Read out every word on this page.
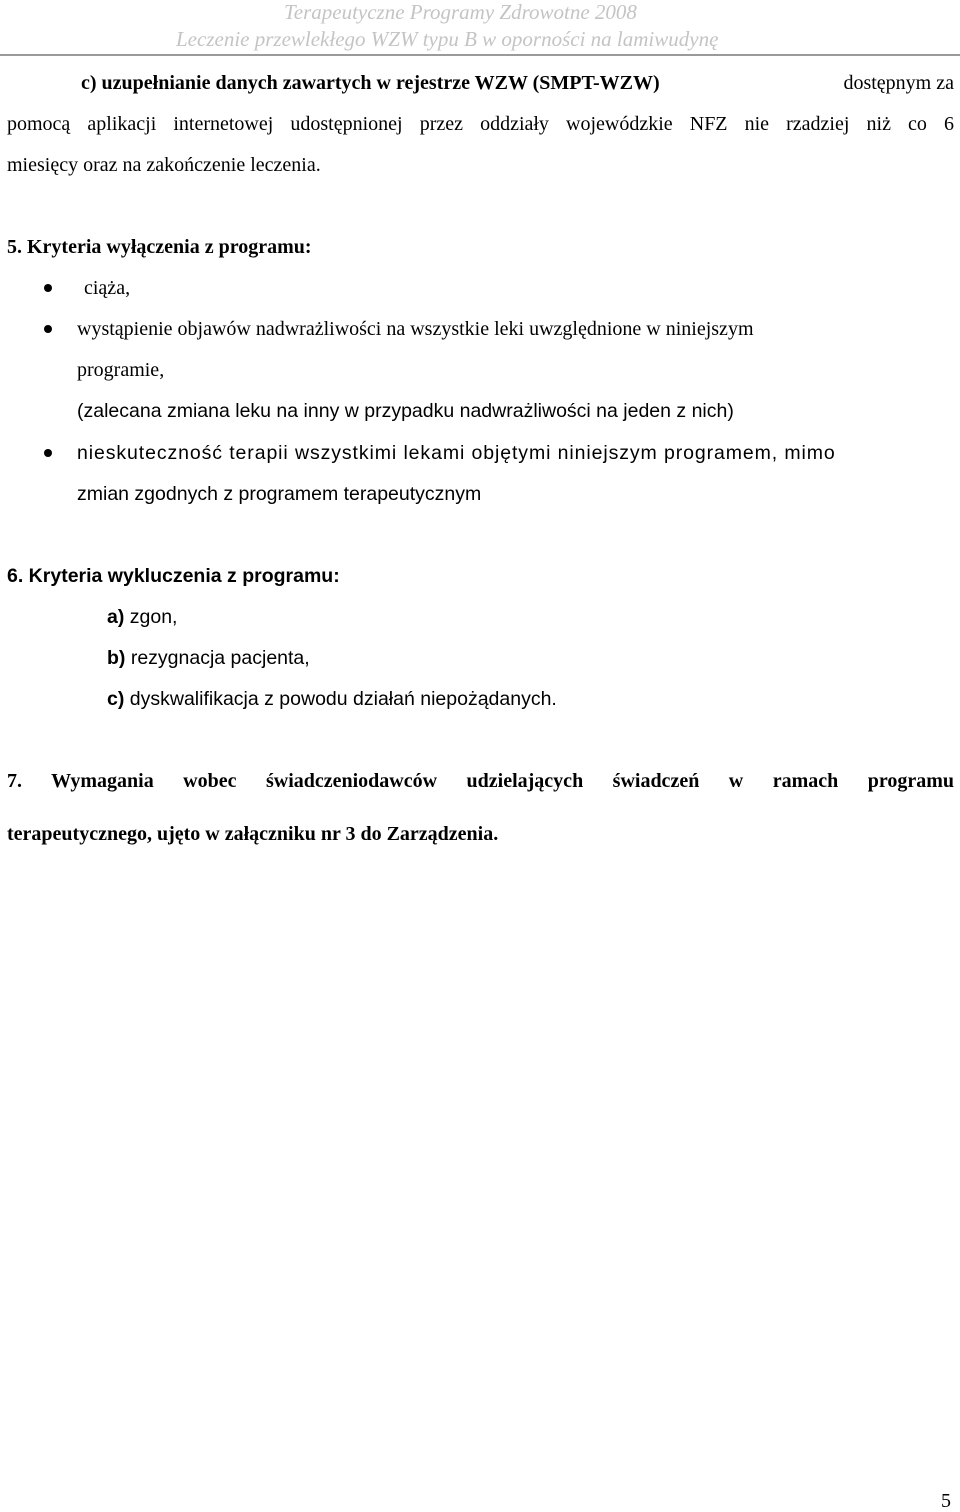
Terapeutyczne Programy Zdrowotne 2008
Leczenie przewlekłego WZW typu B w oporności na lamiwudynę
c) uzupełnianie danych zawartych w rejestrze WZW (SMPT-WZW)	dostępnym za
pomocą aplikacji internetowej udostępnionej przez oddziały wojewódzkie NFZ nie rzadziej niż co 6
miesięcy oraz na zakończenie leczenia.
5. Kryteria wyłączenia z programu:
ciąża,
wystąpienie objawów nadwrażliwości na wszystkie leki uwzględnione w niniejszym
programie,
(zalecana zmiana leku na inny w przypadku nadwrażliwości na jeden z nich)
nieskuteczność terapii wszystkimi lekami objętymi niniejszym programem, mimo
zmian zgodnych z programem terapeutycznym
6. Kryteria wykluczenia z programu:
a) zgon,
b) rezygnacja pacjenta,
c) dyskwalifikacja z powodu działań niepożądanych.
7. Wymagania wobec świadczeniodawców udzielających świadczeń w ramach programu
terapeutycznego, ujęto w załączniku nr 3 do Zarządzenia.
5
